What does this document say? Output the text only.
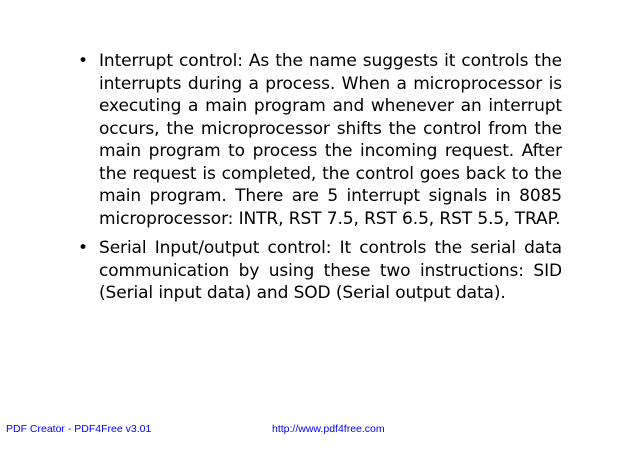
• Interrupt control: As the name suggests it controls the interrupts during a process. When a microprocessor is executing a main program and whenever an interrupt occurs, the microprocessor shifts the control from the main program to process the incoming request. After the request is completed, the control goes back to the main program. There are 5 interrupt signals in 8085 microprocessor: INTR, RST 7.5, RST 6.5, RST 5.5, TRAP.
• Serial Input/output control: It controls the serial data communication by using these two instructions: SID (Serial input data) and SOD (Serial output data).
PDF Creator - PDF4Free v3.01	http://www.pdf4free.com
